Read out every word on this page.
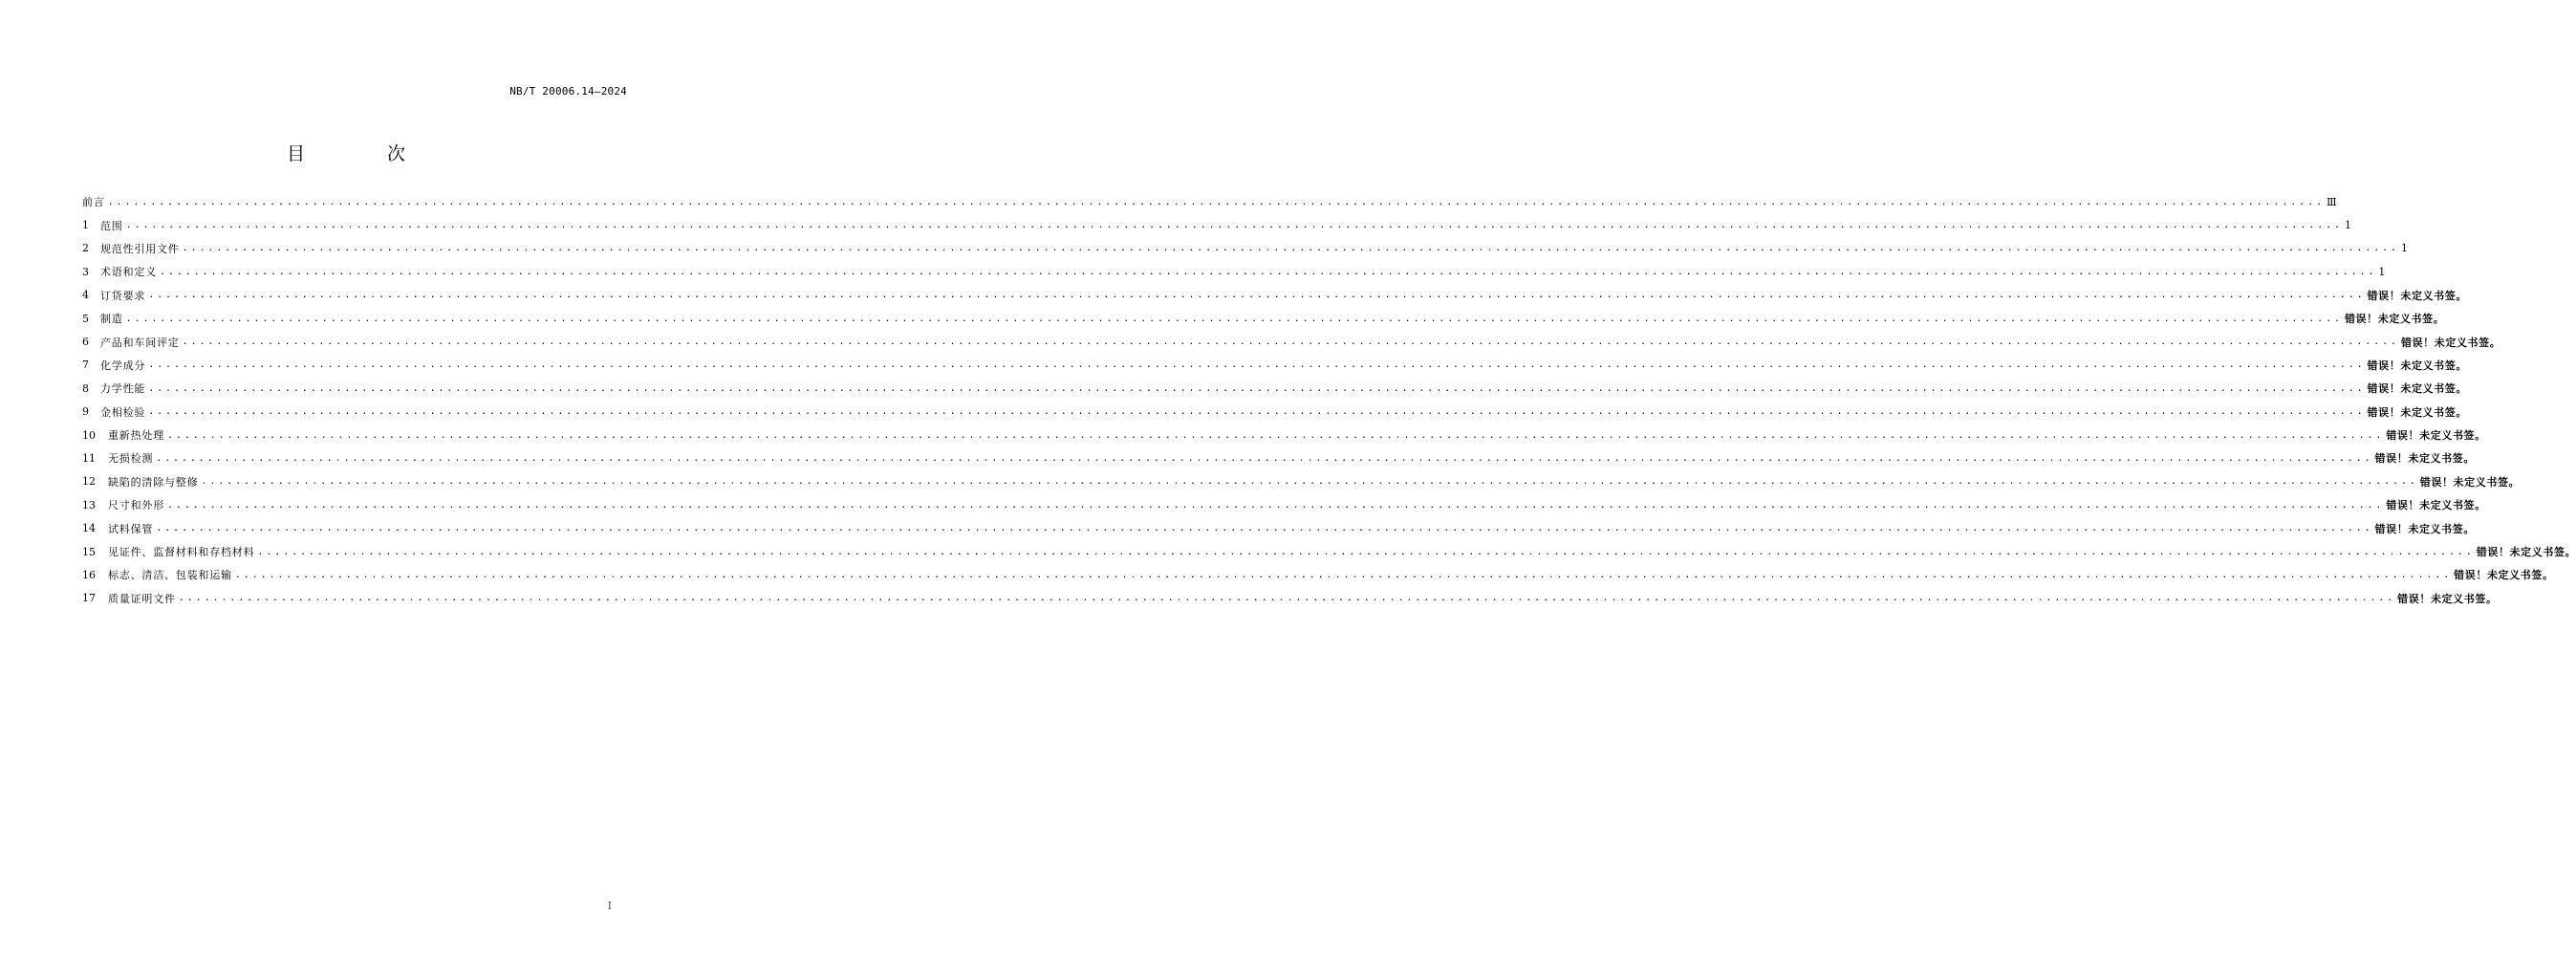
NB/T 20006.14—2024
目 次
前言 .................................................................................................................................................................................................................................................................... Ⅲ
1	范围 .................................................................................................................................................................................................................................................................... 1
2	规范性引用文件 .................................................................................................................................................................................................................................................................... 1
3	术语和定义 .................................................................................................................................................................................................................................................................... 1
4	订货要求 .................................................................................................................................................................................................................................................................... 错误！未定义书签。
5	制造 .................................................................................................................................................................................................................................................................... 错误！未定义书签。
6	产品和车间评定 .................................................................................................................................................................................................................................................................... 错误！未定义书签。
7	化学成分 .................................................................................................................................................................................................................................................................... 错误！未定义书签。
8	力学性能 .................................................................................................................................................................................................................................................................... 错误！未定义书签。
9	金相检验 .................................................................................................................................................................................................................................................................... 错误！未定义书签。
10	重新热处理 .................................................................................................................................................................................................................................................................... 错误！未定义书签。
11	无损检测 .................................................................................................................................................................................................................................................................... 错误！未定义书签。
12	缺陷的清除与整修 .................................................................................................................................................................................................................................................................... 错误！未定义书签。
13	尺寸和外形 .................................................................................................................................................................................................................................................................... 错误！未定义书签。
14	试料保管 .................................................................................................................................................................................................................................................................... 错误！未定义书签。
15	见证件、监督材料和存档材料 .................................................................................................................................................................................................................................................................... 错误！未定义书签。
16	标志、清洁、包装和运输 .................................................................................................................................................................................................................................................................... 错误！未定义书签。
17	质量证明文件 .................................................................................................................................................................................................................................................................... 错误！未定义书签。
I
